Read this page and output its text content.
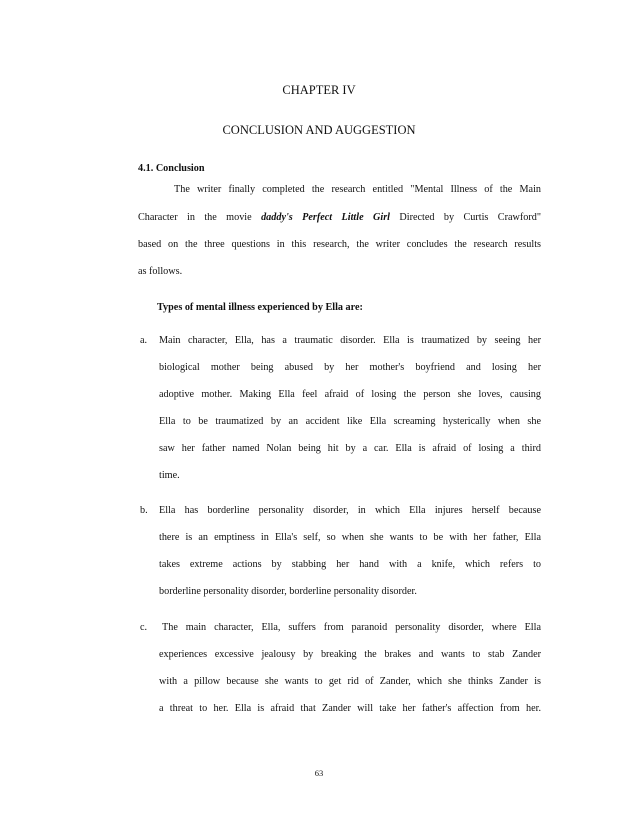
CHAPTER IV
CONCLUSION AND AUGGESTION
4.1. Conclusion
The writer finally completed the research entitled "Mental Illness of the Main
Character in the movie daddy's Perfect Little Girl Directed by Curtis Crawford"
based on the three questions in this research, the writer concludes the research results
as follows.
Types of mental illness experienced by Ella are:
a. Main character, Ella, has a traumatic disorder. Ella is traumatized by seeing her
biological mother being abused by her mother's boyfriend and losing her
adoptive mother. Making Ella feel afraid of losing the person she loves, causing
Ella to be traumatized by an accident like Ella screaming hysterically when she
saw her father named Nolan being hit by a car. Ella is afraid of losing a third
time.
b. Ella has borderline personality disorder, in which Ella injures herself because
there is an emptiness in Ella's self, so when she wants to be with her father, Ella
takes extreme actions by stabbing her hand with a knife, which refers to
borderline personality disorder, borderline personality disorder.
c. The main character, Ella, suffers from paranoid personality disorder, where Ella
experiences excessive jealousy by breaking the brakes and wants to stab Zander
with a pillow because she wants to get rid of Zander, which she thinks Zander is
a threat to her. Ella is afraid that Zander will take her father's affection from her.
63
